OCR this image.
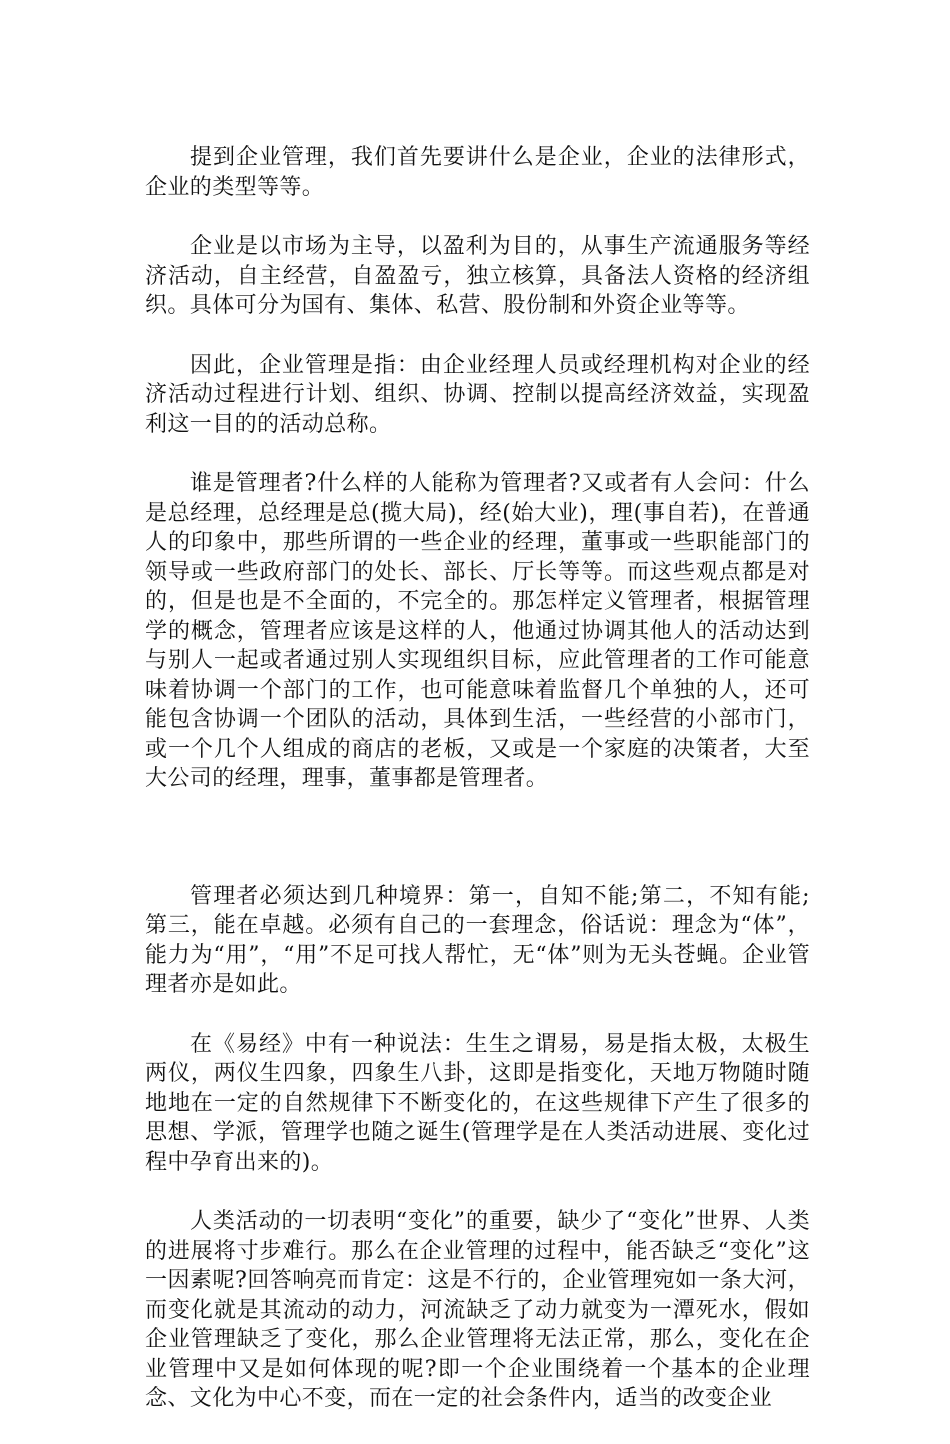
提到企业管理，我们首先要讲什么是企业，企业的法律形式，企业的类型等等。

企业是以市场为主导，以盈利为目的，从事生产流通服务等经济活动，自主经营，自盈盈亏，独立核算，具备法人资格的经济组织。具体可分为国有、集体、私营、股份制和外资企业等等。

因此，企业管理是指：由企业经理人员或经理机构对企业的经济活动过程进行计划、组织、协调、控制以提高经济效益，实现盈利这一目的的活动总称。

谁是管理者?什么样的人能称为管理者?又或者有人会问：什么是总经理，总经理是总(揽大局)，经(始大业)，理(事自若)，在普通人的印象中，那些所谓的一些企业的经理，董事或一些职能部门的领导或一些政府部门的处长、部长、厅长等等。而这些观点都是对的，但是也是不全面的，不完全的。那怎样定义管理者，根据管理学的概念，管理者应该是这样的人，他通过协调其他人的活动达到与别人一起或者通过别人实现组织目标，应此管理者的工作可能意味着协调一个部门的工作，也可能意味着监督几个单独的人，还可能包含协调一个团队的活动，具体到生活，一些经营的小部市门，或一个几个人组成的商店的老板，又或是一个家庭的决策者，大至大公司的经理，理事，董事都是管理者。

管理者必须达到几种境界：第一，自知不能;第二，不知有能;第三，能在卓越。必须有自己的一套理念，俗话说：理念为“体”，能力为“用”，“用”不足可找人帮忙，无“体”则为无头苍蝇。企业管理者亦是如此。

在《易经》中有一种说法：生生之谓易，易是指太极，太极生两仪，两仪生四象，四象生八卦，这即是指变化，天地万物随时随地地在一定的自然规律下不断变化的，在这些规律下产生了很多的思想、学派，管理学也随之诞生(管理学是在人类活动进展、变化过程中孕育出来的)。

人类活动的一切表明“变化”的重要，缺少了“变化”世界、人类的进展将寸步难行。那么在企业管理的过程中，能否缺乏“变化”这一因素呢?回答响亮而肯定：这是不行的，企业管理宛如一条大河，而变化就是其流动的动力，河流缺乏了动力就变为一潭死水，假如企业管理缺乏了变化，那么企业管理将无法正常，那么，变化在企业管理中又是如何体现的呢?即一个企业围绕着一个基本的企业理念、文化为中心不变，而在一定的社会条件内，适当的改变企业
